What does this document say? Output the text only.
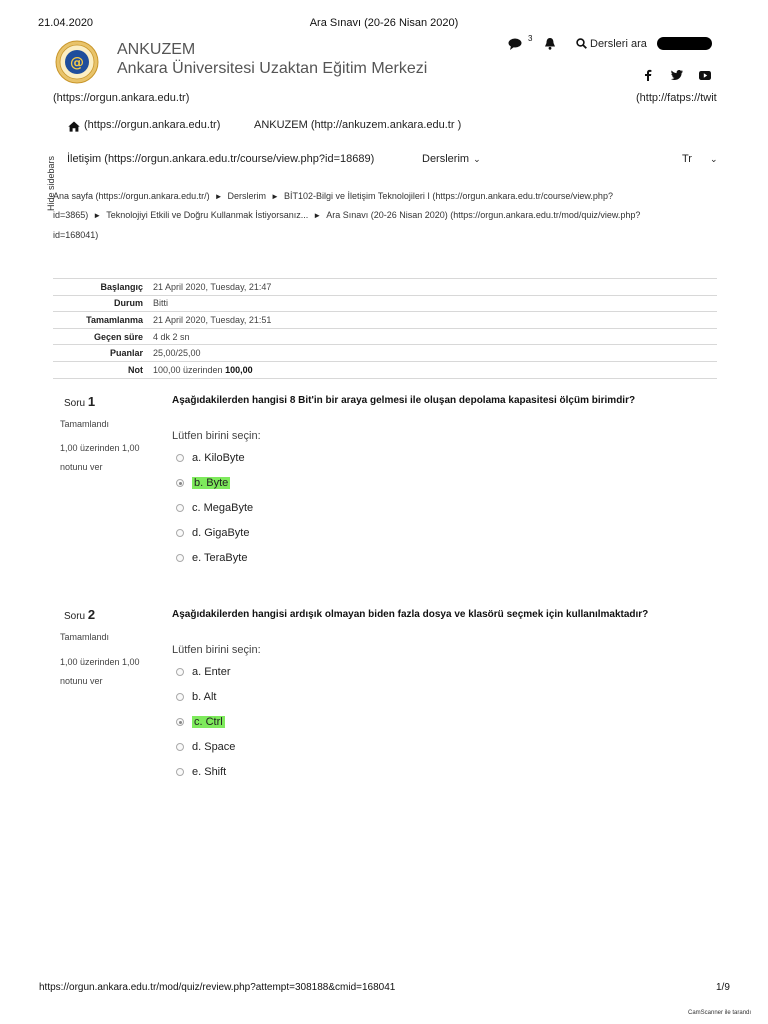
21.04.2020	Ara Sınavı (20-26 Nisan 2020)
@
ANKUZEM
Ankara Üniversitesi Uzaktan Eğitim Merkezi
3	Dersleri ara
(https://orgun.ankara.edu.tr)	(http://fatps://twit
(https://orgun.ankara.edu.tr)	ANKUZEM (http://ankuzem.ankara.edu.tr )
Hide sidebars İletişim (https://orgun.ankara.edu.tr/course/view.php?id=18689)	Derslerim ⌄	Tr ⌄
Ana sayfa (https://orgun.ankara.edu.tr/) ► Derslerim ► BİT102-Bilgi ve İletişim Teknolojileri I (https://orgun.ankara.edu.tr/course/view.php?
id=3865) ► Teknolojiyi Etkili ve Doğru Kullanmak İstiyorsanız... ► Ara Sınavı (20-26 Nisan 2020) (https://orgun.ankara.edu.tr/mod/quiz/view.php?
id=168041)
Başlangıç	21 April 2020, Tuesday, 21:47
Durum	Bitti
Tamamlanma	21 April 2020, Tuesday, 21:51
Geçen süre	4 dk 2 sn
Puanlar	25,00/25,00
Not	100,00 üzerinden 100,00
Soru 1
Tamamlandı
1,00 üzerinden 1,00
notunu ver
Aşağıdakilerden hangisi 8 Bit'in bir araya gelmesi ile oluşan depolama kapasitesi ölçüm birimdir?
Lütfen birini seçin:
a. KiloByte
b. Byte
c. MegaByte
d. GigaByte
e. TeraByte
Soru 2
Tamamlandı
1,00 üzerinden 1,00
notunu ver
Aşağıdakilerden hangisi ardışık olmayan biden fazla dosya ve klasörü seçmek için kullanılmaktadır?
Lütfen birini seçin:
a. Enter
b. Alt
c. Ctrl
d. Space
e. Shift
https://orgun.ankara.edu.tr/mod/quiz/review.php?attempt=308188&cmid=168041	1/9
CamScanner ile tarandı
